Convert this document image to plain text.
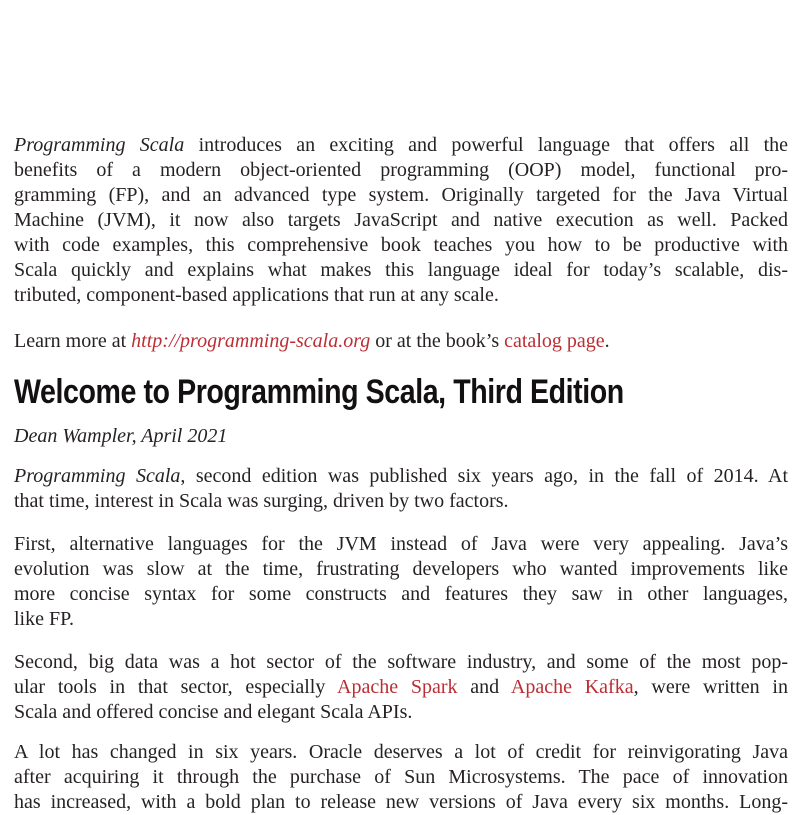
Programming Scala introduces an exciting and powerful language that offers all the
benefits of a modern object-oriented programming (OOP) model, functional pro-
gramming (FP), and an advanced type system. Originally targeted for the Java Virtual
Machine (JVM), it now also targets JavaScript and native execution as well. Packed
with code examples, this comprehensive book teaches you how to be productive with
Scala quickly and explains what makes this language ideal for today’s scalable, dis-
tributed, component-based applications that run at any scale.
Learn more at http://programming-scala.org or at the book’s catalog page.
Welcome to Programming Scala, Third Edition
Dean Wampler, April 2021
Programming Scala, second edition was published six years ago, in the fall of 2014. At
that time, interest in Scala was surging, driven by two factors.
First, alternative languages for the JVM instead of Java were very appealing. Java’s
evolution was slow at the time, frustrating developers who wanted improvements like
more concise syntax for some constructs and features they saw in other languages,
like FP.
Second, big data was a hot sector of the software industry, and some of the most pop-
ular tools in that sector, especially Apache Spark and Apache Kafka, were written in
Scala and offered concise and elegant Scala APIs.
A lot has changed in six years. Oracle deserves a lot of credit for reinvigorating Java
after acquiring it through the purchase of Sun Microsystems. The pace of innovation
has increased, with a bold plan to release new versions of Java every six months. Long-
